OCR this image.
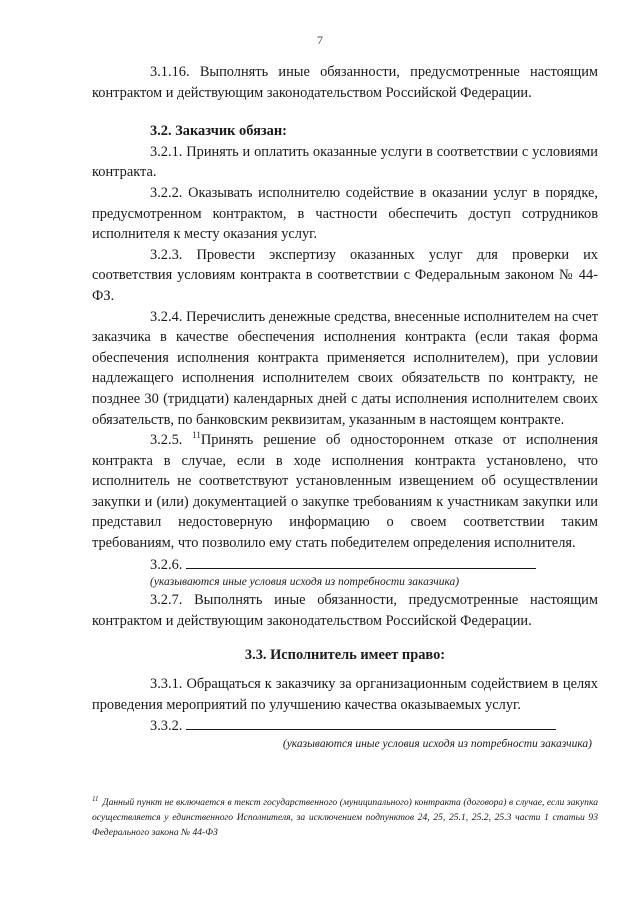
7

3.1.16. Выполнять иные обязанности, предусмотренные настоящим контрактом и действующим законодательством Российской Федерации.

3.2. Заказчик обязан:

3.2.1. Принять и оплатить оказанные услуги в соответствии с условиями контракта.

3.2.2. Оказывать исполнителю содействие в оказании услуг в порядке, предусмотренном контрактом, в частности обеспечить доступ сотрудников исполнителя к месту оказания услуг.

3.2.3. Провести экспертизу оказанных услуг для проверки их соответствия условиям контракта в соответствии с Федеральным законом № 44-ФЗ.

3.2.4. Перечислить денежные средства, внесенные исполнителем на счет заказчика в качестве обеспечения исполнения контракта (если такая форма обеспечения исполнения контракта применяется исполнителем), при условии надлежащего исполнения исполнителем своих обязательств по контракту, не позднее 30 (тридцати) календарных дней с даты исполнения исполнителем своих обязательств, по банковским реквизитам, указанным в настоящем контракте.

3.2.5. $^{11}$Принять решение об одностороннем отказе от исполнения контракта в случае, если в ходе исполнения контракта установлено, что исполнитель не соответствуют установленным извещением об осуществлении закупки и (или) документацией о закупке требованиям к участникам закупки или представил недостоверную информацию о своем соответствии таким требованиям, что позволило ему стать победителем определения исполнителя.

3.2.6.

(указываются иные условия исходя из потребности заказчика)

3.2.7. Выполнять иные обязанности, предусмотренные настоящим контрактом и действующим законодательством Российской Федерации.

3.3. Исполнитель имеет право:

3.3.1. Обращаться к заказчику за организационным содействием в целях проведения мероприятий по улучшению качества оказываемых услуг.

3.3.2.

(указываются иные условия исходя из потребности заказчика)

$^{11}$ Данный пункт не включается в текст государственного (муниципального) контракта (договора) в случае, если закупка осуществляется у единственного Исполнителя, за исключением подпунктов 24, 25, 25.1, 25.2, 25.3 части 1 статьи 93 Федерального закона № 44-ФЗ
